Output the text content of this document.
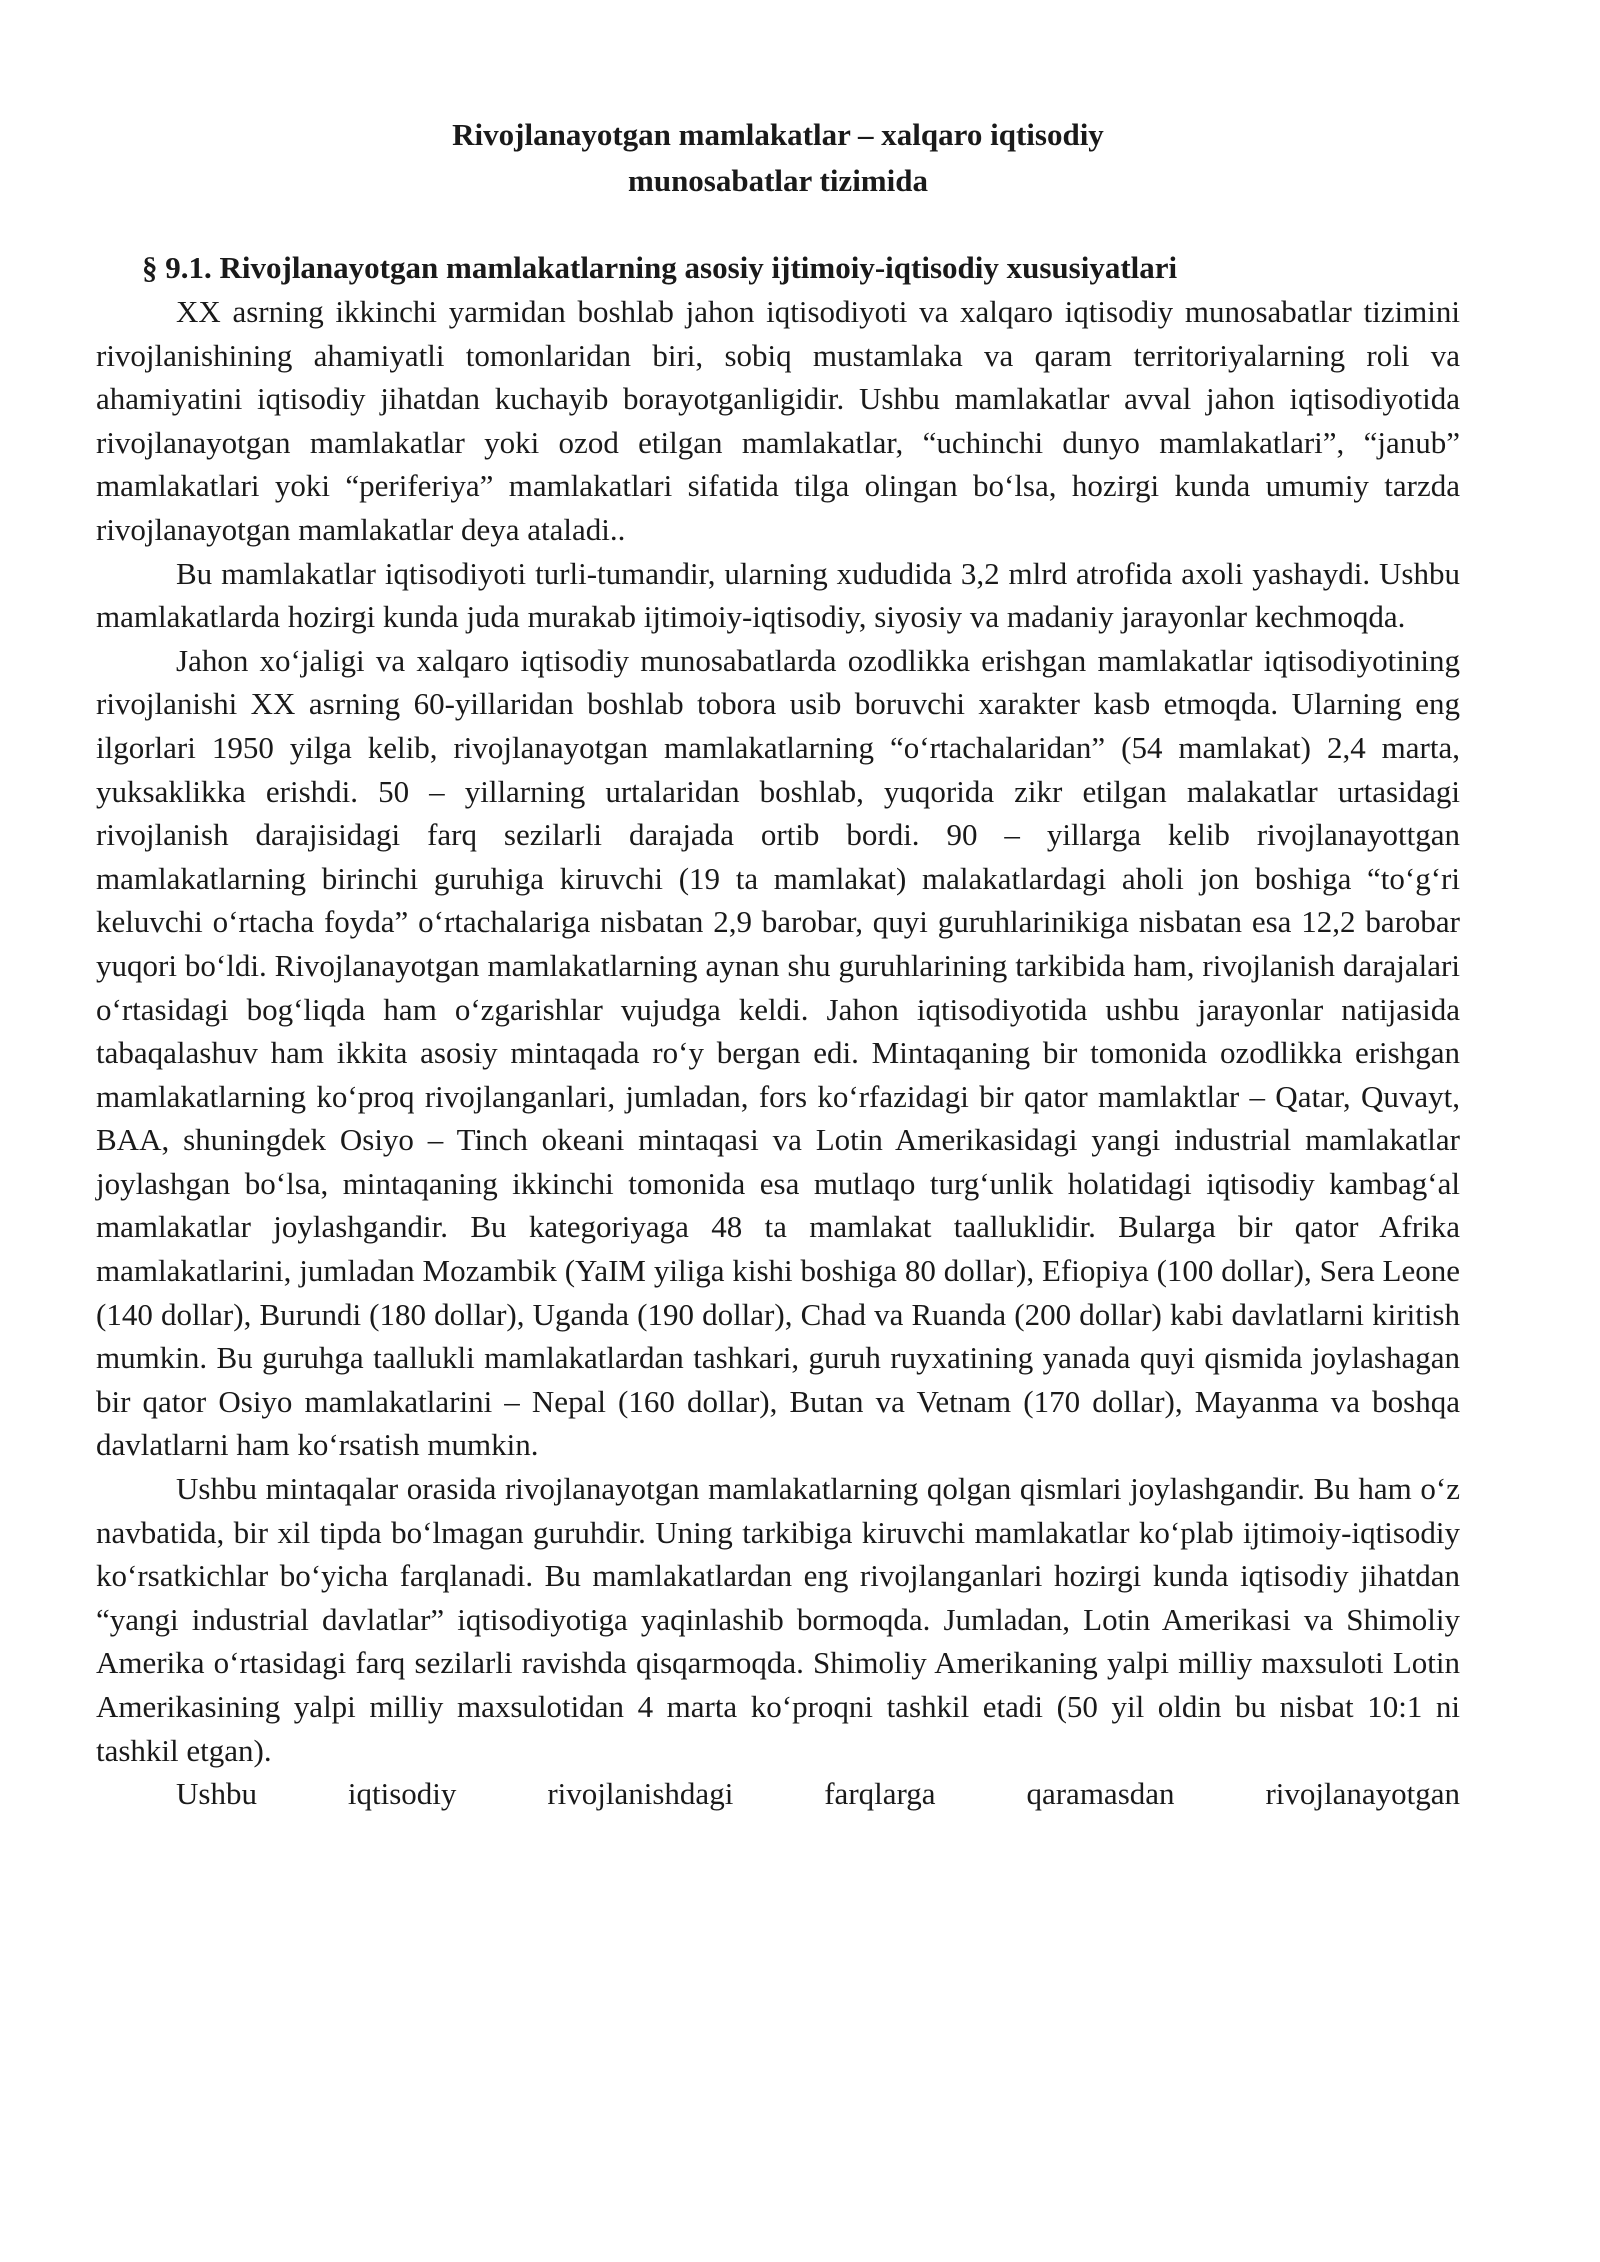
Rivojlanayotgan mamlakatlar – xalqaro iqtisodiy
munosabatlar tizimida
§ 9.1. Rivojlanayotgan mamlakatlarning asosiy ijtimoiy-iqtisodiy xususiyatlari

XX asrning ikkinchi yarmidan boshlab jahon iqtisodiyoti va xalqaro iqtisodiy munosabatlar tizimini rivojlanishining ahamiyatli tomonlaridan biri, sobiq mustamlaka va qaram territoriyalarning roli va ahamiyatini iqtisodiy jihatdan kuchayib borayotganligidir. Ushbu mamlakatlar avval jahon iqtisodiyotida rivojlanayotgan mamlakatlar yoki ozod etilgan mamlakatlar, “uchinchi dunyo mamlakatlari”, “janub” mamlakatlari yoki “periferiya” mamlakatlari sifatida tilga olingan boʻlsa, hozirgi kunda umumiy tarzda rivojlanayotgan mamlakatlar deya ataladi..

Bu mamlakatlar iqtisodiyoti turli-tumandir, ularning xududida 3,2 mlrd atrofida axoli yashaydi. Ushbu mamlakatlarda hozirgi kunda juda murakab ijtimoiy-iqtisodiy, siyosiy va madaniy jarayonlar kechmoqda.

Jahon xoʻjaligi va xalqaro iqtisodiy munosabatlarda ozodlikka erishgan mamlakatlar iqtisodiyotining rivojlanishi XX asrning 60-yillaridan boshlab tobora usib boruvchi xarakter kasb etmoqda. Ularning eng ilgorlari 1950 yilga kelib, rivojlanayotgan mamlakatlarning “oʻrtachalaridan” (54 mamlakat) 2,4 marta, yuksaklikka erishdi. 50 – yillarning urtalaridan boshlab, yuqorida zikr etilgan malakatlar urtasidagi rivojlanish darajisidagi farq sezilarli darajada ortib bordi. 90 – yillarga kelib rivojlanayottgan mamlakatlarning birinchi guruhiga kiruvchi (19 ta mamlakat) malakatlardagi aholi jon boshiga “toʻgʻri keluvchi oʻrtacha foyda” oʻrtachalariga nisbatan 2,9 barobar, quyi guruhlarinikiga nisbatan esa 12,2 barobar yuqori boʻldi. Rivojlanayotgan mamlakatlarning aynan shu guruhlarining tarkibida ham, rivojlanish darajalari oʻrtasidagi bogʻliqda ham oʻzgarishlar vujudga keldi. Jahon iqtisodiyotida ushbu jarayonlar natijasida tabaqalashuv ham ikkita asosiy mintaqada roʻy bergan edi. Mintaqaning bir tomonida ozodlikka erishgan mamlakatlarning koʻproq rivojlanganlari, jumladan, fors koʻrfazidagi bir qator mamlaktlar – Qatar, Quvayt, BAA, shuningdek Osiyo – Tinch okeani mintaqasi va Lotin Amerikasidagi yangi industrial mamlakatlar joylashgan boʻlsa, mintaqaning ikkinchi tomonida esa mutlaqo turgʻunlik holatidagi iqtisodiy kambagʻal mamlakatlar joylashgandir. Bu kategoriyaga 48 ta mamlakat taalluklidir. Bularga bir qator Afrika mamlakatlarini, jumladan Mozambik (YaIM yiliga kishi boshiga 80 dollar), Efiopiya (100 dollar), Sera Leone (140 dollar), Burundi (180 dollar), Uganda (190 dollar), Chad va Ruanda (200 dollar) kabi davlatlarni kiritish mumkin. Bu guruhga taallukli mamlakatlardan tashkari, guruh ruyxatining yanada quyi qismida joylashagan bir qator Osiyo mamlakatlarini – Nepal (160 dollar), Butan va Vetnam (170 dollar), Mayanma va boshqa davlatlarni ham koʻrsatish mumkin.

Ushbu mintaqalar orasida rivojlanayotgan mamlakatlarning qolgan qismlari joylashgandir. Bu ham oʻz navbatida, bir xil tipda boʻlmagan guruhdir. Uning tarkibiga kiruvchi mamlakatlar koʻplab ijtimoiy-iqtisodiy koʻrsatkichlar boʻyicha farqlanadi. Bu mamlakatlardan eng rivojlanganlari hozirgi kunda iqtisodiy jihatdan “yangi industrial davlatlar” iqtisodiyotiga yaqinlashib bormoqda. Jumladan, Lotin Amerikasi va Shimoliy Amerika oʻrtasidagi farq sezilarli ravishda qisqarmoqda. Shimoliy Amerikaning yalpi milliy maxsuloti Lotin Amerikasining yalpi milliy maxsulotidan 4 marta koʻproqni tashkil etadi (50 yil oldin bu nisbat 10:1 ni tashkil etgan).

Ushbu iqtisodiy rivojlanishdagi farqlarga qaramasdan rivojlanayotgan
